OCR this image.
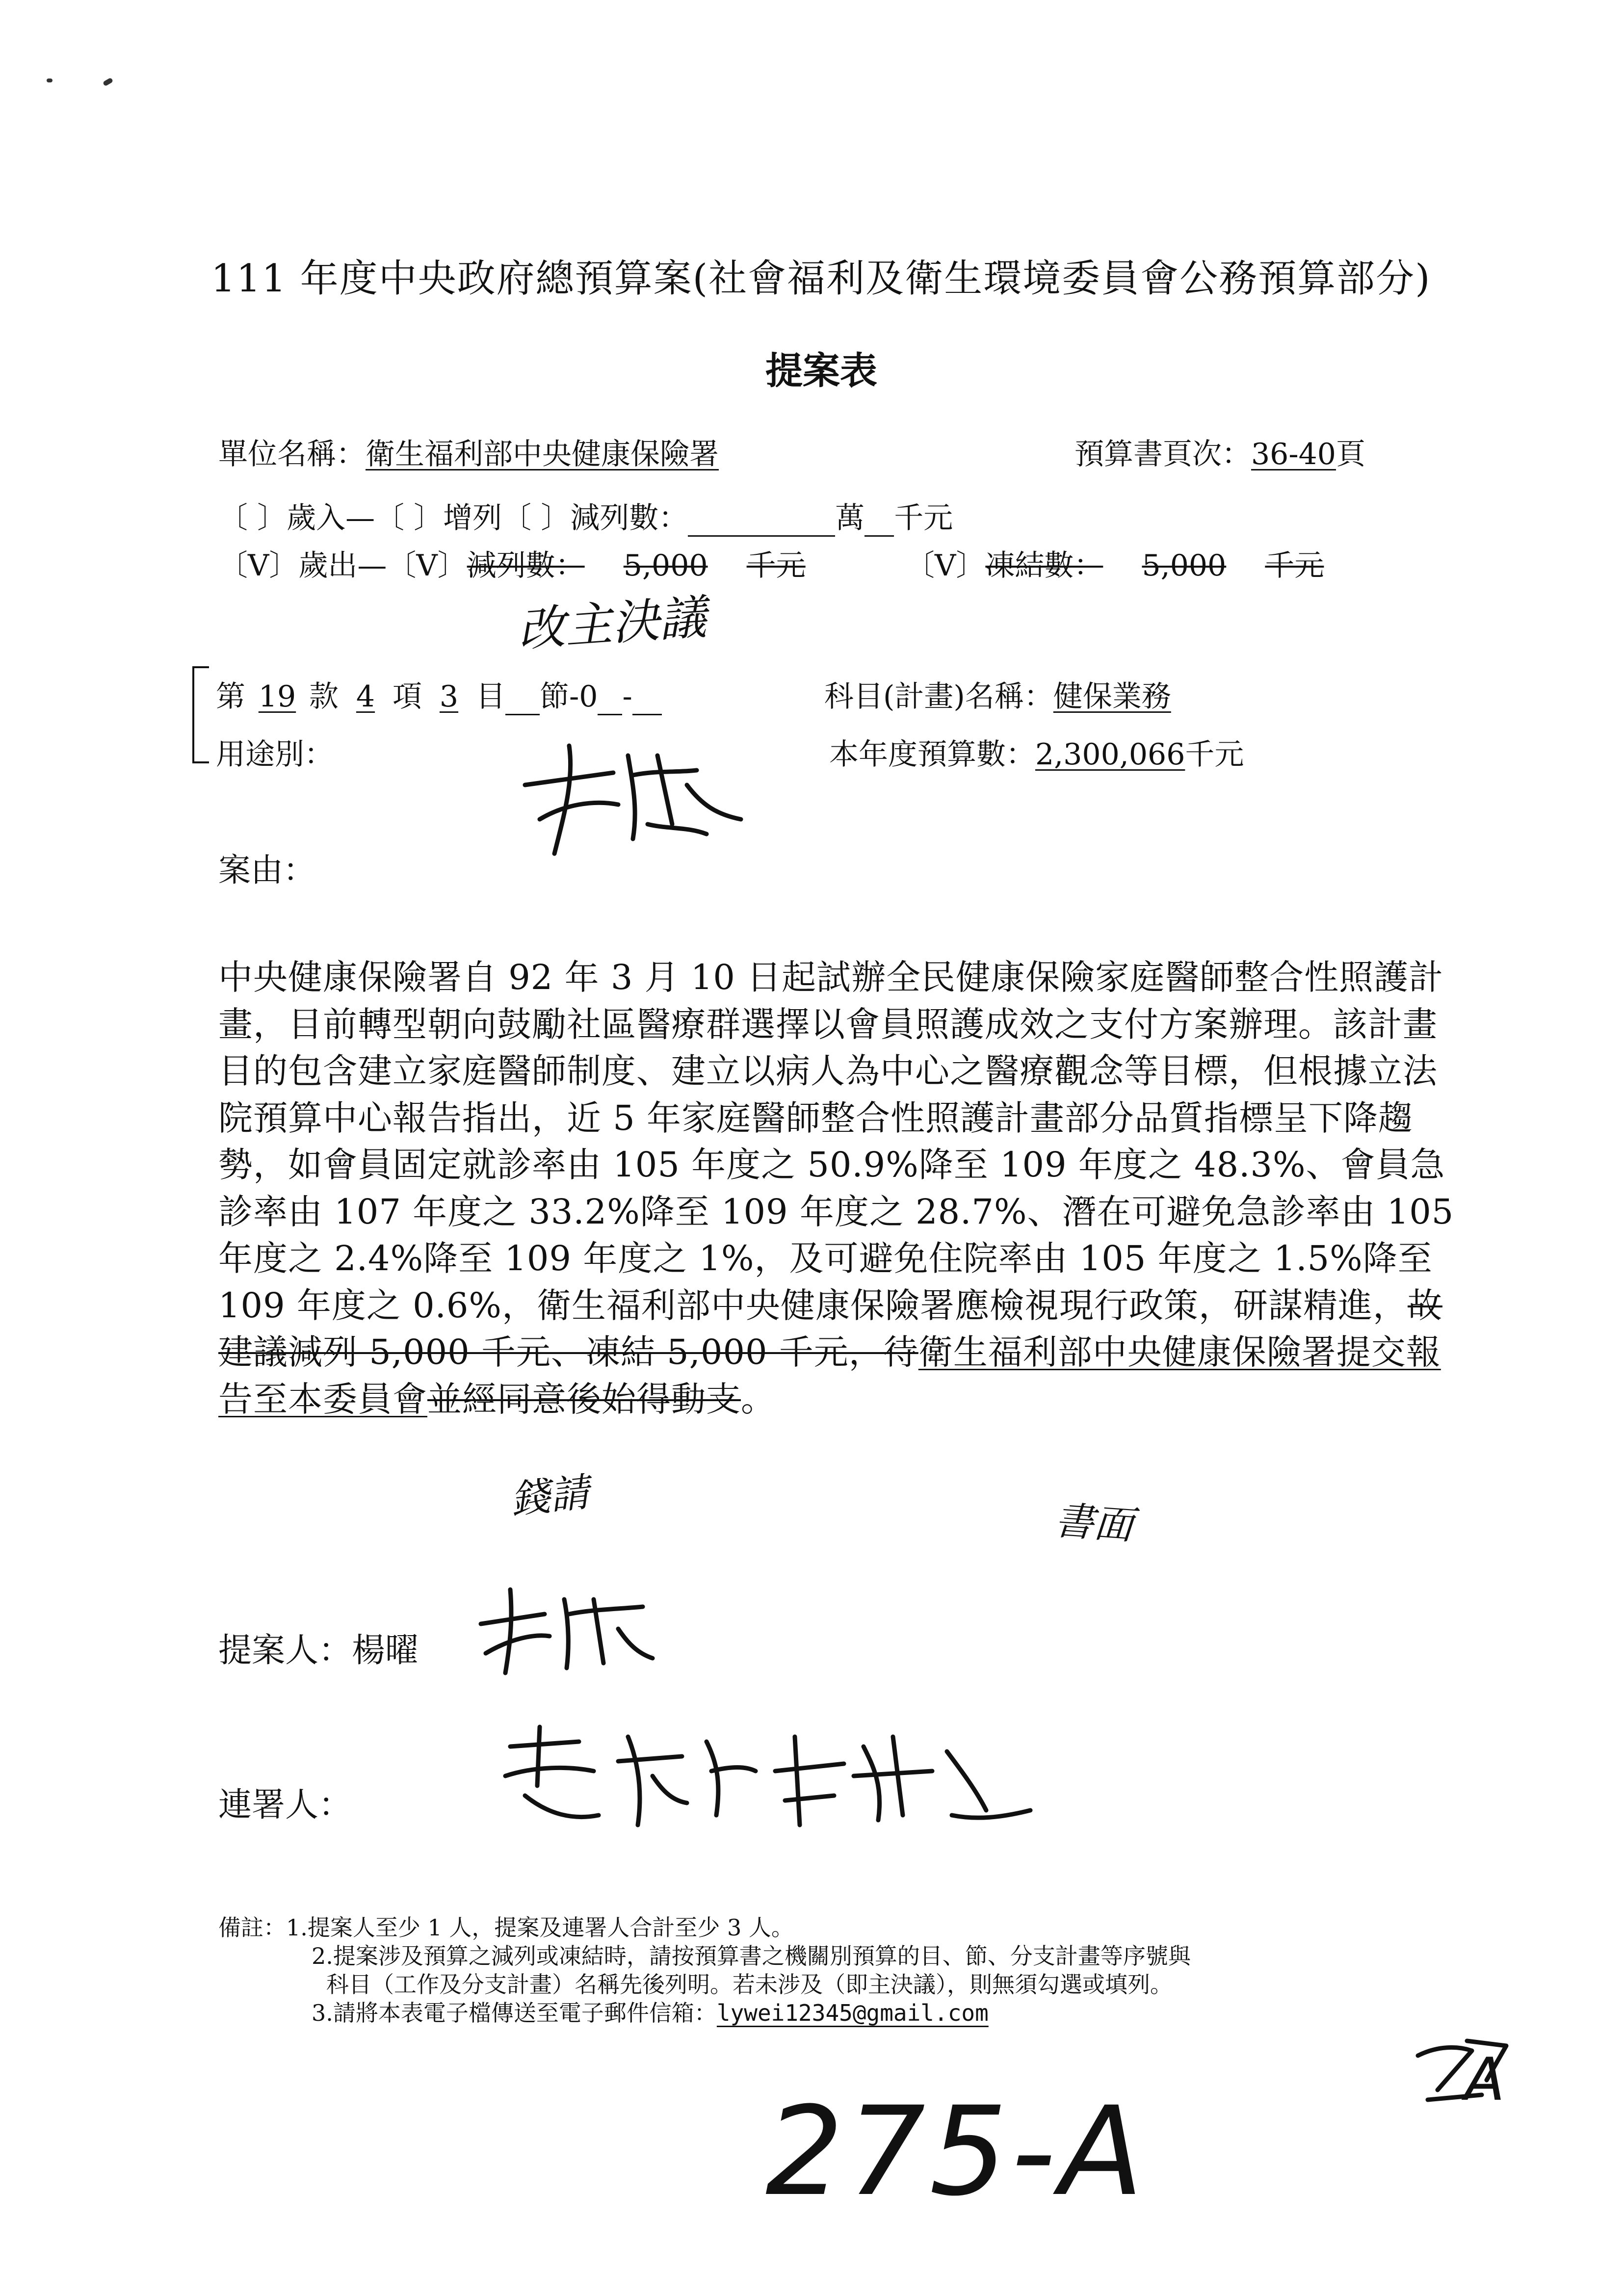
111 年度中央政府總預算案(社會福利及衛生環境委員會公務預算部分)
提案表
單位名稱：衛生福利部中央健康保險署	預算書頁次：36-40頁
〔 〕歲入—〔 〕增列〔 〕減列數：	萬 千元
〔V〕歲出—〔V〕減列數： 5,000 千元	〔V〕凍結數： 5,000 千元
改主決議
第 19 款 4 項 3 目 節-0 -	科目(計畫)名稱：健保業務
用途別：	本年度預算數：2,300,066千元
案由：
中央健康保險署自 92 年 3 月 10 日起試辦全民健康保險家庭醫師整合性照護計畫，目前轉型朝向鼓勵社區醫療群選擇以會員照護成效之支付方案辦理。該計畫目的包含建立家庭醫師制度、建立以病人為中心之醫療觀念等目標，但根據立法院預算中心報告指出，近 5 年家庭醫師整合性照護計畫部分品質指標呈下降趨勢，如會員固定就診率由 105 年度之 50.9%降至 109 年度之 48.3%、會員急診率由 107 年度之 33.2%降至 109 年度之 28.7%、潛在可避免急診率由 105 年度之 2.4%降至 109 年度之 1%，及可避免住院率由 105 年度之 1.5%降至 109 年度之 0.6%，衛生福利部中央健康保險署應檢視現行政策，研謀精進，故建議減列 5,000 千元、凍結 5,000 千元，待衛生福利部中央健康保險署提交報告至本委員會並經同意後始得動支。
錢請
書面
提案人：楊曜
連署人：
備註：1.提案人至少 1 人，提案及連署人合計至少 3 人。
2.提案涉及預算之減列或凍結時，請按預算書之機關別預算的目、節、分支計畫等序號與
科目（工作及分支計畫）名稱先後列明。若未涉及（即主決議），則無須勾選或填列。
3.請將本表電子檔傳送至電子郵件信箱：lywei12345@gmail.com
275-A
A
